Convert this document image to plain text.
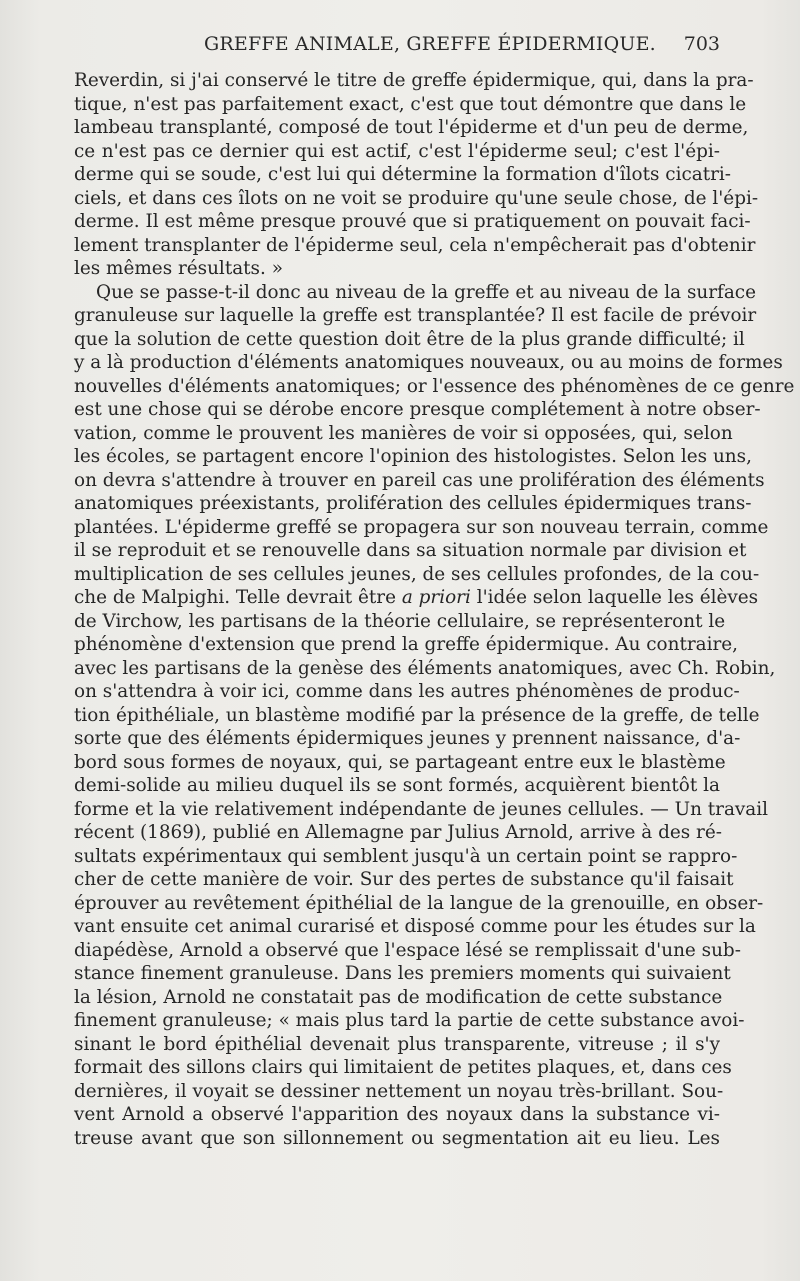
GREFFE ANIMALE, GREFFE ÉPIDERMIQUE. 703
Reverdin, si j'ai conservé le titre de greffe épidermique, qui, dans la pra-
tique, n'est pas parfaitement exact, c'est que tout démontre que dans le
lambeau transplanté, composé de tout l'épiderme et d'un peu de derme,
ce n'est pas ce dernier qui est actif, c'est l'épiderme seul; c'est l'épi-
derme qui se soude, c'est lui qui détermine la formation d'îlots cicatri-
ciels, et dans ces îlots on ne voit se produire qu'une seule chose, de l'épi-
derme. Il est même presque prouvé que si pratiquement on pouvait faci-
lement transplanter de l'épiderme seul, cela n'empêcherait pas d'obtenir
les mêmes résultats. »
Que se passe-t-il donc au niveau de la greffe et au niveau de la surface
granuleuse sur laquelle la greffe est transplantée? Il est facile de prévoir
que la solution de cette question doit être de la plus grande difficulté; il
y a là production d'éléments anatomiques nouveaux, ou au moins de formes
nouvelles d'éléments anatomiques; or l'essence des phénomènes de ce genre
est une chose qui se dérobe encore presque complétement à notre obser-
vation, comme le prouvent les manières de voir si opposées, qui, selon
les écoles, se partagent encore l'opinion des histologistes. Selon les uns,
on devra s'attendre à trouver en pareil cas une prolifération des éléments
anatomiques préexistants, prolifération des cellules épidermiques trans-
plantées. L'épiderme greffé se propagera sur son nouveau terrain, comme
il se reproduit et se renouvelle dans sa situation normale par division et
multiplication de ses cellules jeunes, de ses cellules profondes, de la cou-
che de Malpighi. Telle devrait être a priori l'idée selon laquelle les élèves
de Virchow, les partisans de la théorie cellulaire, se représenteront le
phénomène d'extension que prend la greffe épidermique. Au contraire,
avec les partisans de la genèse des éléments anatomiques, avec Ch. Robin,
on s'attendra à voir ici, comme dans les autres phénomènes de produc-
tion épithéliale, un blastème modifié par la présence de la greffe, de telle
sorte que des éléments épidermiques jeunes y prennent naissance, d'a-
bord sous formes de noyaux, qui, se partageant entre eux le blastème
demi-solide au milieu duquel ils se sont formés, acquièrent bientôt la
forme et la vie relativement indépendante de jeunes cellules. — Un travail
récent (1869), publié en Allemagne par Julius Arnold, arrive à des ré-
sultats expérimentaux qui semblent jusqu'à un certain point se rappro-
cher de cette manière de voir. Sur des pertes de substance qu'il faisait
éprouver au revêtement épithélial de la langue de la grenouille, en obser-
vant ensuite cet animal curarisé et disposé comme pour les études sur la
diapédèse, Arnold a observé que l'espace lésé se remplissait d'une sub-
stance finement granuleuse. Dans les premiers moments qui suivaient
la lésion, Arnold ne constatait pas de modification de cette substance
finement granuleuse; « mais plus tard la partie de cette substance avoi-
sinant le bord épithélial devenait plus transparente, vitreuse ; il s'y
formait des sillons clairs qui limitaient de petites plaques, et, dans ces
dernières, il voyait se dessiner nettement un noyau très-brillant. Sou-
vent Arnold a observé l'apparition des noyaux dans la substance vi-
treuse avant que son sillonnement ou segmentation ait eu lieu. Les
